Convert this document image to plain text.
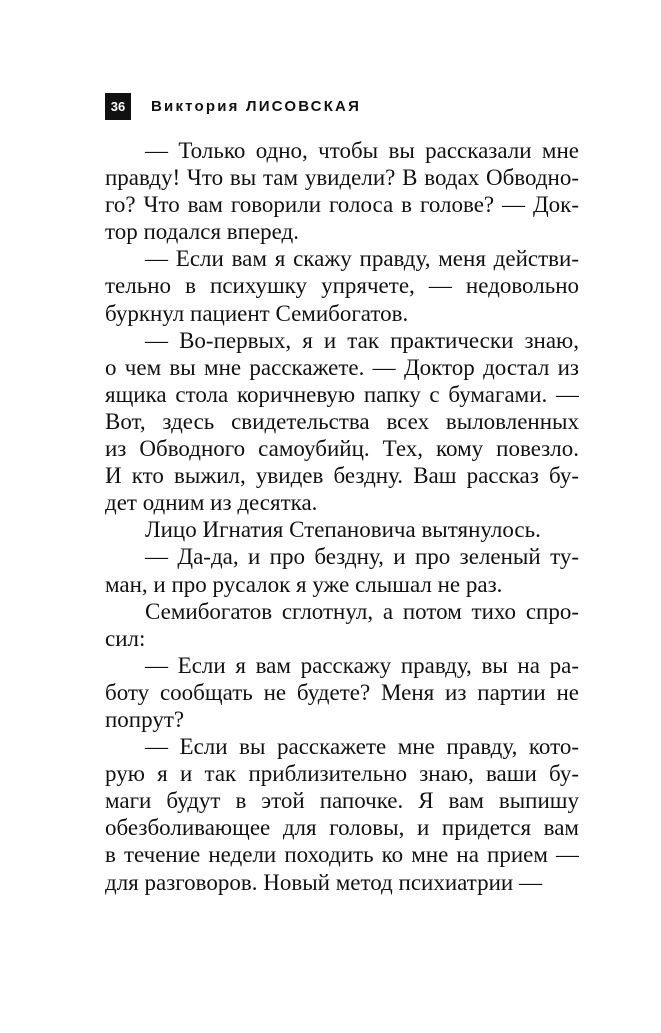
36	Виктория ЛИСОВСКАЯ
— Только одно, чтобы вы рассказали мне
правду! Что вы там увидели? В водах Обводно-
го? Что вам говорили голоса в голове? — Док-
тор подался вперед.
— Если вам я скажу правду, меня действи-
тельно в психушку упрячете, — недовольно
буркнул пациент Семибогатов.
— Во-первых, я и так практически знаю,
о чем вы мне расскажете. — Доктор достал из
ящика стола коричневую папку с бумагами. —
Вот, здесь свидетельства всех выловленных
из Обводного самоубийц. Тех, кому повезло.
И кто выжил, увидев бездну. Ваш рассказ бу-
дет одним из десятка.
Лицо Игнатия Степановича вытянулось.
— Да-да, и про бездну, и про зеленый ту-
ман, и про русалок я уже слышал не раз.
Семибогатов сглотнул, а потом тихо спро-
сил:
— Если я вам расскажу правду, вы на ра-
боту сообщать не будете? Меня из партии не
попрут?
— Если вы расскажете мне правду, кото-
рую я и так приблизительно знаю, ваши бу-
маги будут в этой папочке. Я вам выпишу
обезболивающее для головы, и придется вам
в течение недели походить ко мне на прием —
для разговоров. Новый метод психиатрии —
